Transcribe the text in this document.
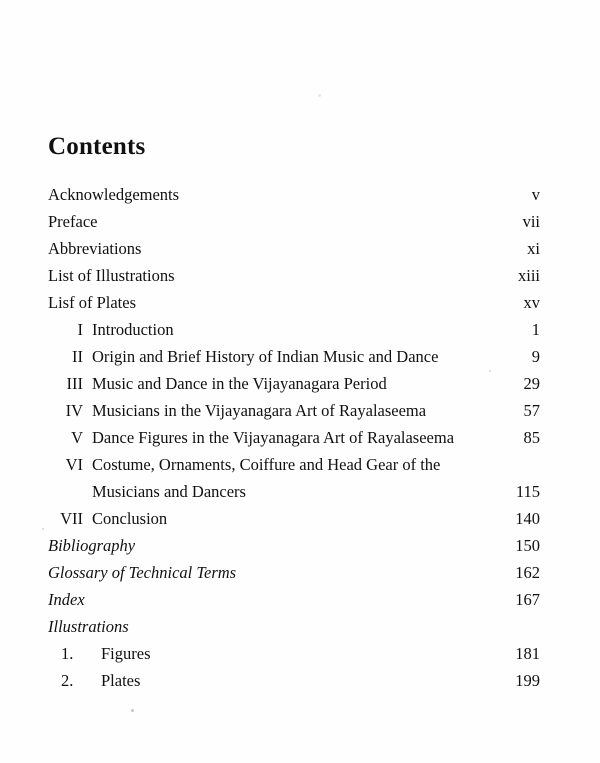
Contents
Acknowledgements	v
Preface	vii
Abbreviations	xi
List of Illustrations	xiii
Lisf of Plates	xv
I Introduction	1
II Origin and Brief History of Indian Music and Dance	9
III Music and Dance in the Vijayanagara Period	29
IV Musicians in the Vijayanagara Art of Rayalaseema	57
V Dance Figures in the Vijayanagara Art of Rayalaseema	85
VI Costume, Ornaments, Coiffure and Head Gear of the
Musicians and Dancers	115
VII Conclusion	140
Bibliography	150
Glossary of Technical Terms	162
Index	167
Illustrations
1.	Figures	181
2.	Plates	199
